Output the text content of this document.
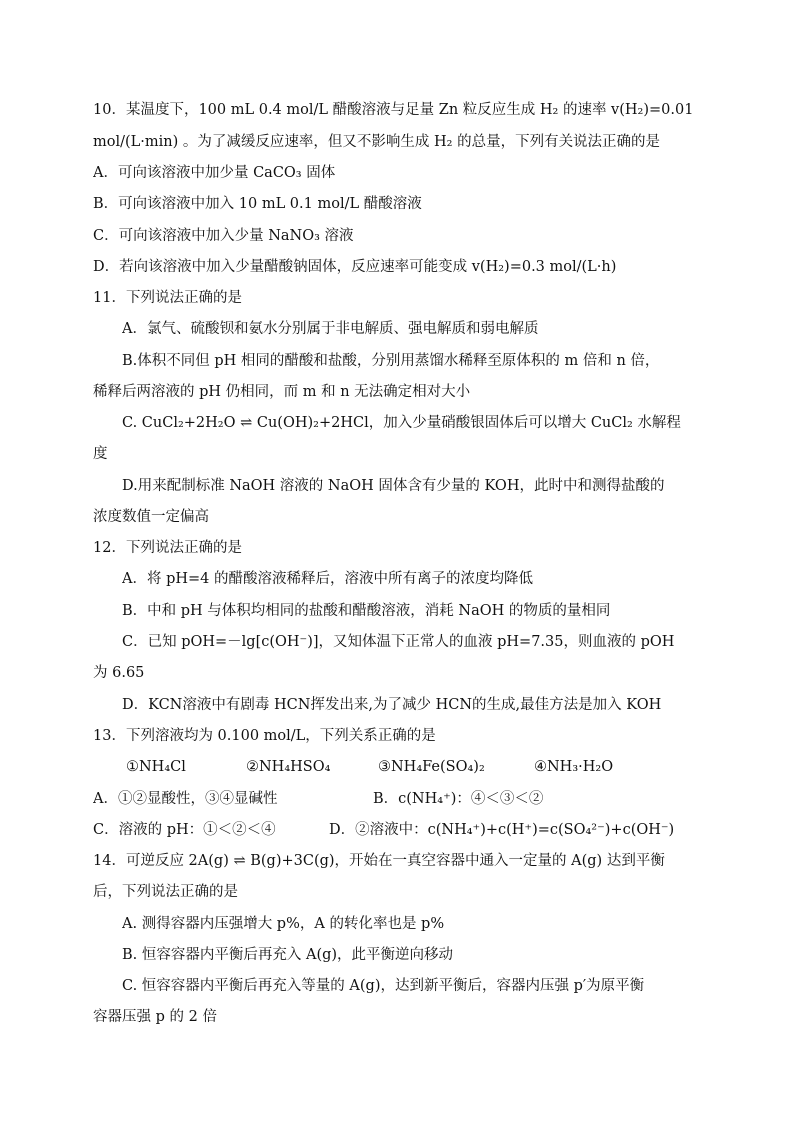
10．某温度下，100 mL 0.4 mol/L 醋酸溶液与足量 Zn 粒反应生成 H₂ 的速率 v(H₂)=0.01
mol/(L·min) 。为了减缓反应速率，但又不影响生成 H₂ 的总量，下列有关说法正确的是
A．可向该溶液中加少量 CaCO₃ 固体
B．可向该溶液中加入 10 mL 0.1 mol/L 醋酸溶液
C．可向该溶液中加入少量 NaNO₃ 溶液
D．若向该溶液中加入少量醋酸钠固体，反应速率可能变成 v(H₂)=0.3 mol/(L·h)
11．下列说法正确的是
A．氯气、硫酸钡和氨水分别属于非电解质、强电解质和弱电解质
B.体积不同但 pH 相同的醋酸和盐酸，分别用蒸馏水稀释至原体积的 m 倍和 n 倍，
稀释后两溶液的 pH 仍相同，而 m 和 n 无法确定相对大小
C. CuCl₂+2H₂O ⇌ Cu(OH)₂+2HCl，加入少量硝酸银固体后可以增大 CuCl₂ 水解程
度
D.用来配制标准 NaOH 溶液的 NaOH 固体含有少量的 KOH，此时中和测得盐酸的
浓度数值一定偏高
12．下列说法正确的是
A．将 pH=4 的醋酸溶液稀释后，溶液中所有离子的浓度均降低
B．中和 pH 与体积均相同的盐酸和醋酸溶液，消耗 NaOH 的物质的量相同
C．已知 pOH=－lg[c(OH⁻)]，又知体温下正常人的血液 pH=7.35，则血液的 pOH
为 6.65
D．KCN溶液中有剧毒 HCN挥发出来,为了减少 HCN的生成,最佳方法是加入 KOH
13．下列溶液均为 0.100 mol/L，下列关系正确的是
①NH₄Cl	②NH₄HSO₄	③NH₄Fe(SO₄)₂	④NH₃·H₂O
A．①②显酸性，③④显碱性	B．c(NH₄⁺)：④＜③＜②
C．溶液的 pH：①＜②＜④	D．②溶液中：c(NH₄⁺)+c(H⁺)=c(SO₄²⁻)+c(OH⁻)
14．可逆反应 2A(g) ⇌ B(g)+3C(g)，开始在一真空容器中通入一定量的 A(g) 达到平衡
后，下列说法正确的是
A. 测得容器内压强增大 p%，A 的转化率也是 p%
B. 恒容容器内平衡后再充入 A(g)，此平衡逆向移动
C. 恒容容器内平衡后再充入等量的 A(g)，达到新平衡后，容器内压强 p′为原平衡
容器压强 p 的 2 倍
